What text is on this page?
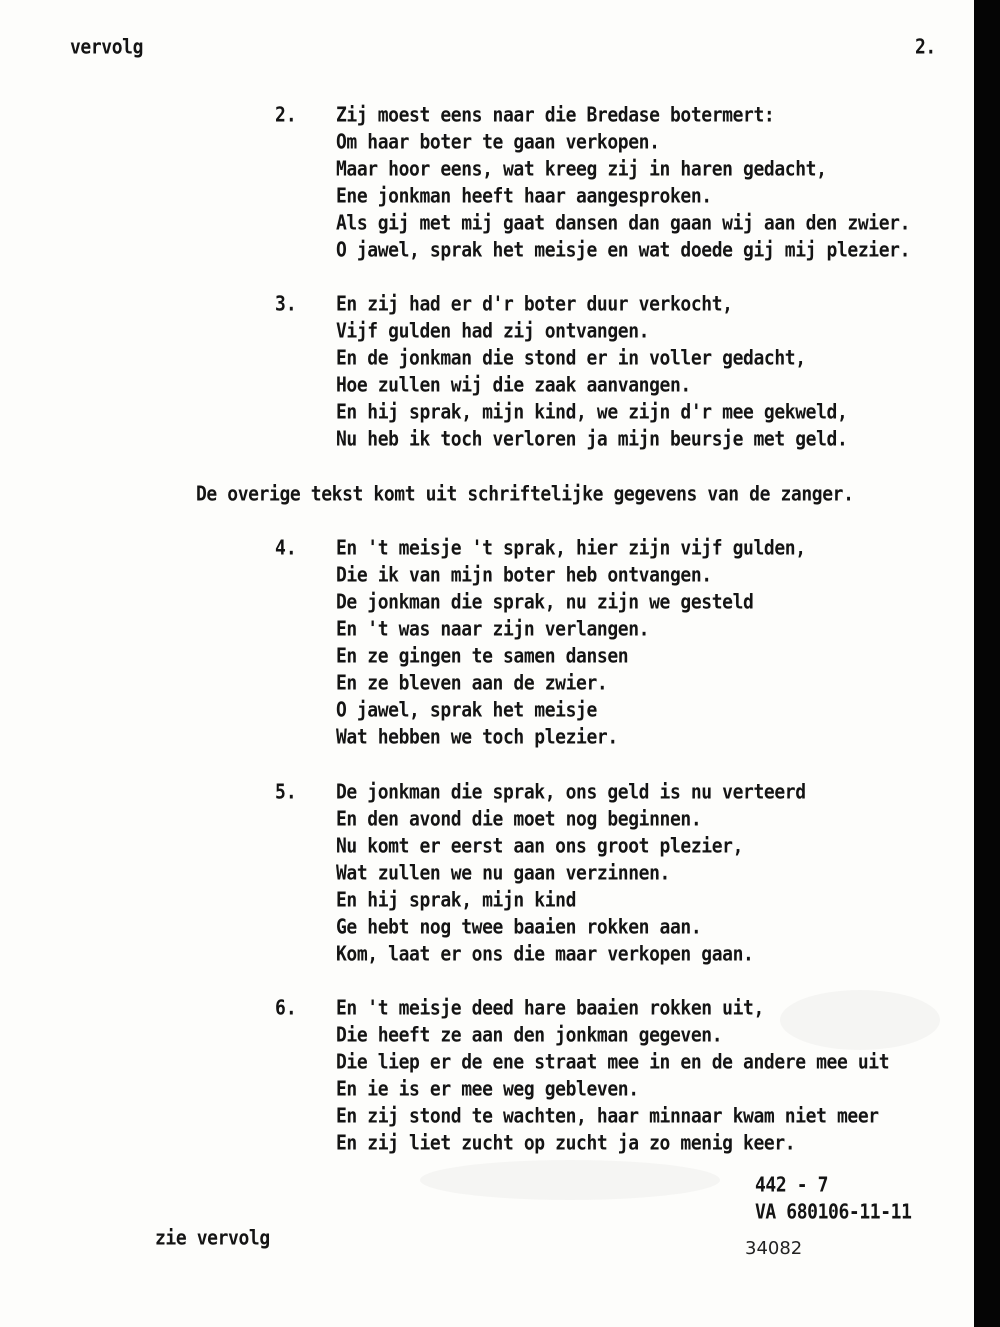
vervolg	2.
2. Zij moest eens naar die Bredase botermert:
Om haar boter te gaan verkopen.
Maar hoor eens, wat kreeg zij in haren gedacht,
Ene jonkman heeft haar aangesproken.
Als gij met mij gaat dansen dan gaan wij aan den zwier.
O jawel, sprak het meisje en wat doede gij mij plezier.
3. En zij had er d'r boter duur verkocht,
Vijf gulden had zij ontvangen.
En de jonkman die stond er in voller gedacht,
Hoe zullen wij die zaak aanvangen.
En hij sprak, mijn kind, we zijn d'r mee gekweld,
Nu heb ik toch verloren ja mijn beursje met geld.
De overige tekst komt uit schriftelijke gegevens van de zanger.
4. En 't meisje 't sprak, hier zijn vijf gulden,
Die ik van mijn boter heb ontvangen.
De jonkman die sprak, nu zijn we gesteld
En 't was naar zijn verlangen.
En ze gingen te samen dansen
En ze bleven aan de zwier.
O jawel, sprak het meisje
Wat hebben we toch plezier.
5. De jonkman die sprak, ons geld is nu verteerd
En den avond die moet nog beginnen.
Nu komt er eerst aan ons groot plezier,
Wat zullen we nu gaan verzinnen.
En hij sprak, mijn kind
Ge hebt nog twee baaien rokken aan.
Kom, laat er ons die maar verkopen gaan.
6. En 't meisje deed hare baaien rokken uit,
Die heeft ze aan den jonkman gegeven.
Die liep er de ene straat mee in en de andere mee uit
En ie is er mee weg gebleven.
En zij stond te wachten, haar minnaar kwam niet meer
En zij liet zucht op zucht ja zo menig keer.
442 - 7
VA 680106-11-11
34082
zie vervolg
